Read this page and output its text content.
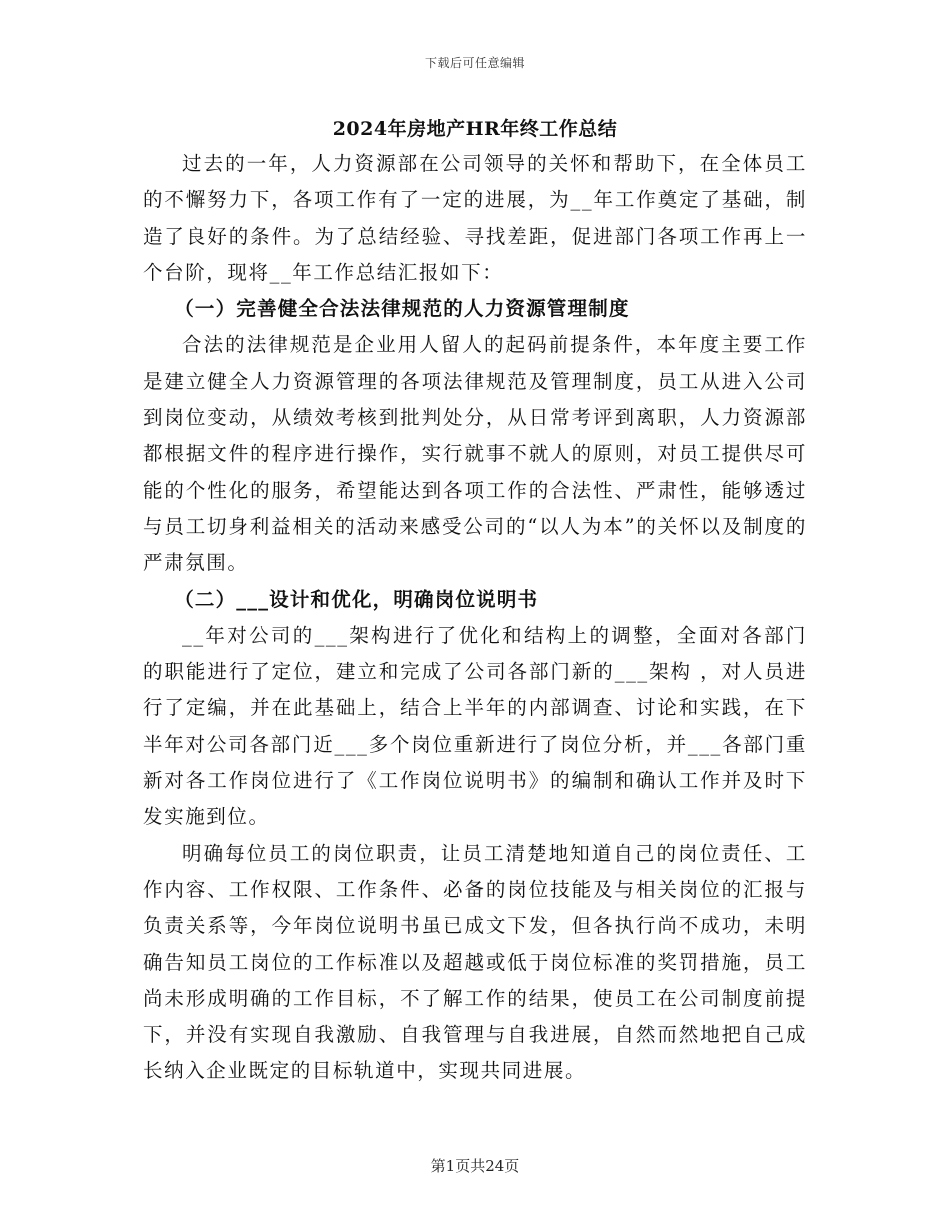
下载后可任意编辑
2024年房地产HR年终工作总结

过去的一年，人力资源部在公司领导的关怀和帮助下，在全体员工的不懈努力下，各项工作有了一定的进展，为__年工作奠定了基础，制造了良好的条件。为了总结经验、寻找差距，促进部门各项工作再上一个台阶，现将__年工作总结汇报如下：

（一）完善健全合法法律规范的人力资源管理制度

合法的法律规范是企业用人留人的起码前提条件，本年度主要工作是建立健全人力资源管理的各项法律规范及管理制度，员工从进入公司到岗位变动，从绩效考核到批判处分，从日常考评到离职，人力资源部都根据文件的程序进行操作，实行就事不就人的原则，对员工提供尽可能的个性化的服务，希望能达到各项工作的合法性、严肃性，能够透过与员工切身利益相关的活动来感受公司的“以人为本”的关怀以及制度的严肃氛围。

（二）___设计和优化，明确岗位说明书

__年对公司的___架构进行了优化和结构上的调整，全面对各部门的职能进行了定位，建立和完成了公司各部门新的___架构 ，对人员进行了定编，并在此基础上，结合上半年的内部调查、讨论和实践，在下半年对公司各部门近___多个岗位重新进行了岗位分析，并___各部门重新对各工作岗位进行了《工作岗位说明书》的编制和确认工作并及时下发实施到位。

明确每位员工的岗位职责，让员工清楚地知道自己的岗位责任、工作内容、工作权限、工作条件、必备的岗位技能及与相关岗位的汇报与负责关系等，今年岗位说明书虽已成文下发，但各执行尚不成功，未明确告知员工岗位的工作标准以及超越或低于岗位标准的奖罚措施，员工尚未形成明确的工作目标，不了解工作的结果，使员工在公司制度前提下，并没有实现自我激励、自我管理与自我进展，自然而然地把自己成长纳入企业既定的目标轨道中，实现共同进展。

第1页共24页
